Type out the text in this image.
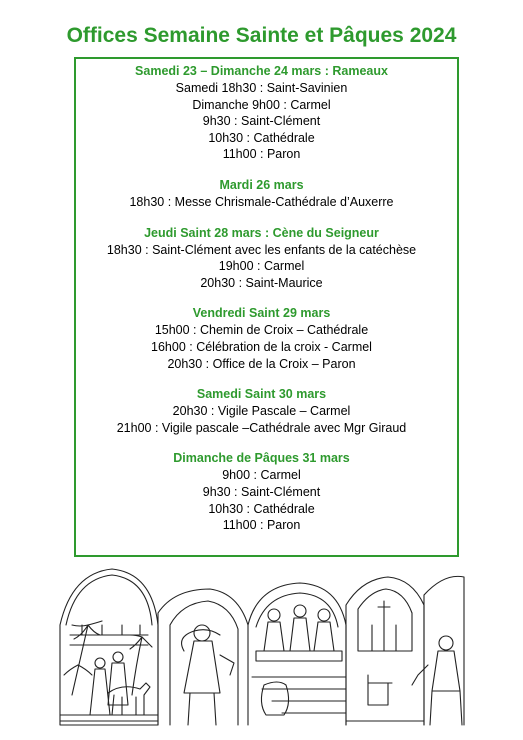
Offices Semaine Sainte et Pâques 2024
Samedi 23 – Dimanche 24 mars : Rameaux
Samedi 18h30 : Saint-Savinien
Dimanche 9h00 : Carmel
9h30 : Saint-Clément
10h30 : Cathédrale
11h00 : Paron
Mardi 26 mars
18h30 : Messe Chrismale-Cathédrale d’Auxerre
Jeudi Saint 28 mars : Cène du Seigneur
18h30 : Saint-Clément avec les enfants de la catéchèse
19h00 : Carmel
20h30 : Saint-Maurice
Vendredi Saint 29 mars
15h00 : Chemin de Croix – Cathédrale
16h00 : Célébration de la croix - Carmel
20h30 : Office de la Croix – Paron
Samedi Saint 30 mars
20h30 : Vigile Pascale – Carmel
21h00 : Vigile pascale –Cathédrale avec Mgr Giraud
Dimanche de Pâques 31 mars
9h00 : Carmel
9h30 : Saint-Clément
10h30 : Cathédrale
11h00 : Paron
